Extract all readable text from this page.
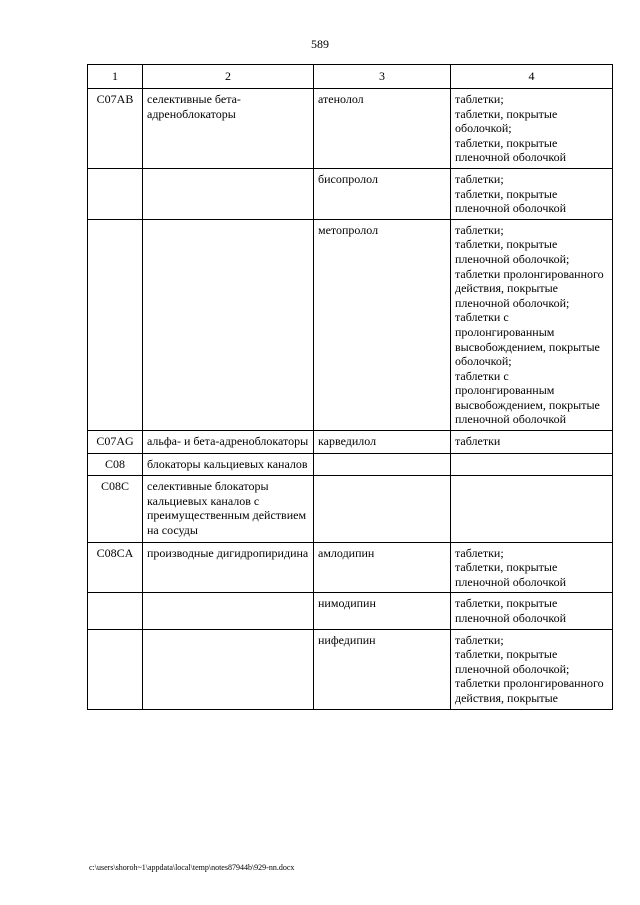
589
1	2	3	4
C07AB	селективные бета-адреноблокаторы	атенолол	таблетки;
таблетки, покрытые оболочкой;
таблетки, покрытые пленочной оболочкой

		бисопролол	таблетки;
таблетки, покрытые пленочной оболочкой

		метопролол	таблетки;
таблетки, покрытые пленочной оболочкой;
таблетки пролонгированного действия, покрытые пленочной оболочкой;
таблетки с пролонгированным высвобождением, покрытые оболочкой;
таблетки с пролонгированным высвобождением, покрытые пленочной оболочкой

C07AG	альфа- и бета-адреноблокаторы	карведилол	таблетки

C08	блокаторы кальциевых каналов		
C08C	селективные блокаторы кальциевых каналов с преимущественным действием на сосуды		
C08CA	производные дигидропиридина	амлодипин	таблетки;
таблетки, покрытые пленочной оболочкой

		нимодипин	таблетки, покрытые пленочной оболочкой

		нифедипин	таблетки;
таблетки, покрытые пленочной оболочкой;
таблетки пролонгированного действия, покрытые
c:\users\shoroh~1\appdata\local\temp\notes87944b\929-nn.docx
